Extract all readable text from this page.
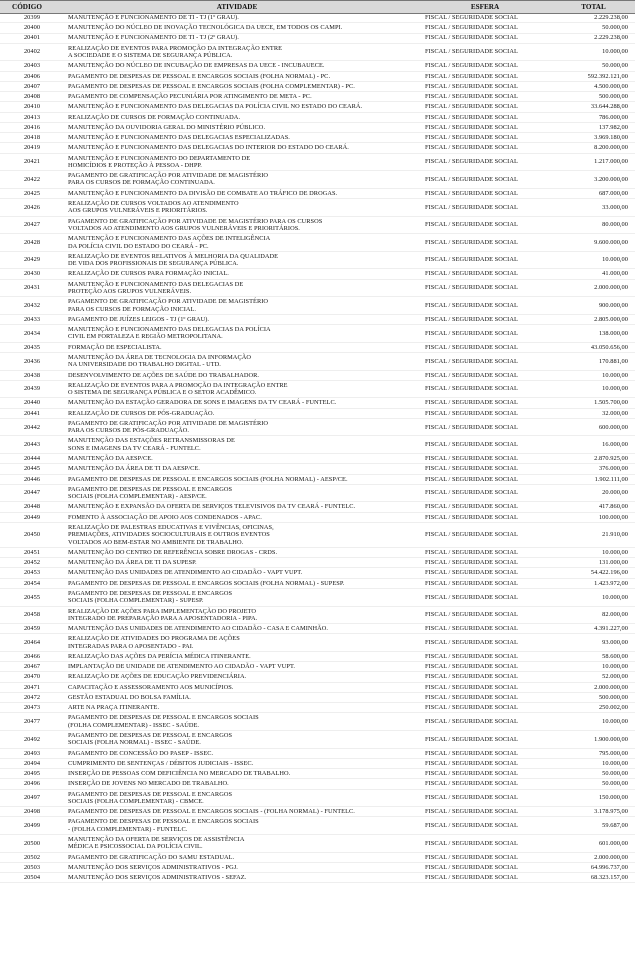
CÓDIGO	ATIVIDADE	ESFERA	TOTAL
20399	MANUTENÇÃO E FUNCIONAMENTO DE TI - TJ (1º GRAU).	FISCAL / SEGURIDADE SOCIAL	2.229.238,00
20400	MANUTENÇÃO DO NÚCLEO DE INOVAÇÃO TECNOLÓGICA DA UECE, EM TODOS OS CAMPI.	FISCAL / SEGURIDADE SOCIAL	50.000,00
20401	MANUTENÇÃO E FUNCIONAMENTO DE TI - TJ (2º GRAU).	FISCAL / SEGURIDADE SOCIAL	2.229.238,00
20402
REALIZAÇÃO DE EVENTOS PARA PROMOÇÃO DA INTEGRAÇÃO ENTRE
A SOCIEDADE E O SISTEMA DE SEGURANÇA PÚBLICA.
FISCAL / SEGURIDADE SOCIAL	10.000,00
20403	MANUTENÇÃO DO NÚCLEO DE INCUBAÇÃO DE EMPRESAS DA UECE - INCUBAUECE.	FISCAL / SEGURIDADE SOCIAL	50.000,00
20406	PAGAMENTO DE DESPESAS DE PESSOAL E ENCARGOS SOCIAIS (FOLHA NORMAL) - PC.	FISCAL / SEGURIDADE SOCIAL	592.392.121,00
20407	PAGAMENTO DE DESPESAS DE PESSOAL E ENCARGOS SOCIAIS (FOLHA COMPLEMENTAR) - PC.	FISCAL / SEGURIDADE SOCIAL	4.500.000,00
20408	PAGAMENTO DE COMPENSAÇÃO PECUNIÁRIA POR ATINGIMENTO DE META - PC.	FISCAL / SEGURIDADE SOCIAL	500.000,00
20410	MANUTENÇÃO E FUNCIONAMENTO DAS DELEGACIAS DA POLÍCIA CIVIL NO ESTADO DO CEARÁ.	FISCAL / SEGURIDADE SOCIAL	33.644.288,00
20413	REALIZAÇÃO DE CURSOS DE FORMAÇÃO CONTINUADA.	FISCAL / SEGURIDADE SOCIAL	786.000,00
20416	MANUTENÇÃO DA OUVIDORIA GERAL DO MINISTÉRIO PÚBLICO.	FISCAL / SEGURIDADE SOCIAL	137.982,00
20418	MANUTENÇÃO E FUNCIONAMENTO DAS DELEGACIAS ESPECIALIZADAS.	FISCAL / SEGURIDADE SOCIAL	3.969.180,00
20419	MANUTENÇÃO E FUNCIONAMENTO DAS DELEGACIAS DO INTERIOR DO ESTADO DO CEARÁ.	FISCAL / SEGURIDADE SOCIAL	8.200.000,00
20421
MANUTENÇÃO E FUNCIONAMENTO DO DEPARTAMENTO DE
HOMICÍDIOS E PROTEÇÃO À PESSOA - DHPP.
FISCAL / SEGURIDADE SOCIAL	1.217.000,00
20422
PAGAMENTO DE GRATIFICAÇÃO POR ATIVIDADE DE MAGISTÉRIO
PARA OS CURSOS DE FORMAÇÃO CONTINUADA.
FISCAL / SEGURIDADE SOCIAL	3.200.000,00
20425	MANUTENÇÃO E FUNCIONAMENTO DA DIVISÃO DE COMBATE AO TRÁFICO DE DROGAS.	FISCAL / SEGURIDADE SOCIAL	687.000,00
20426
REALIZAÇÃO DE CURSOS VOLTADOS AO ATENDIMENTO
AOS GRUPOS VULNERÁVEIS E PRIORITÁRIOS.
FISCAL / SEGURIDADE SOCIAL	33.000,00
20427
PAGAMENTO DE GRATIFICAÇÃO POR ATIVIDADE DE MAGISTÉRIO PARA OS CURSOS
VOLTADOS AO ATENDIMENTO AOS GRUPOS VULNERÁVEIS E PRIORITÁRIOS.
FISCAL / SEGURIDADE SOCIAL	80.000,00
20428
MANUTENÇÃO E FUNCIONAMENTO DAS AÇÕES DE INTELIGÊNCIA
DA POLÍCIA CIVIL DO ESTADO DO CEARÁ - PC.
FISCAL / SEGURIDADE SOCIAL	9.600.000,00
20429
REALIZAÇÃO DE EVENTOS RELATIVOS À MELHORIA DA QUALIDADE
DE VIDA DOS PROFISSIONAIS DE SEGURANÇA PÚBLICA.
FISCAL / SEGURIDADE SOCIAL	10.000,00
20430	REALIZAÇÃO DE CURSOS PARA FORMAÇÃO INICIAL.	FISCAL / SEGURIDADE SOCIAL	41.000,00
20431
MANUTENÇÃO E FUNCIONAMENTO DAS DELEGACIAS DE
PROTEÇÃO AOS GRUPOS VULNERÁVEIS.
FISCAL / SEGURIDADE SOCIAL	2.000.000,00
20432
PAGAMENTO DE GRATIFICAÇÃO POR ATIVIDADE DE MAGISTÉRIO
PARA OS CURSOS DE FORMAÇÃO INICIAL.
FISCAL / SEGURIDADE SOCIAL	900.000,00
20433	PAGAMENTO DE JUÍZES LEIGOS - TJ (1º GRAU).	FISCAL / SEGURIDADE SOCIAL	2.805.000,00
20434
MANUTENÇÃO E FUNCIONAMENTO DAS DELEGACIAS DA POLÍCIA
CIVIL EM FORTALEZA E REGIÃO METROPOLITANA.
FISCAL / SEGURIDADE SOCIAL	138.000,00
20435	FORMAÇÃO DE ESPECIALISTA.	FISCAL / SEGURIDADE SOCIAL	43.050.656,00
20436
MANUTENÇÃO DA ÁREA DE TECNOLOGIA DA INFORMAÇÃO
NA UNIVERSIDADE DO TRABALHO DIGITAL - UTD.
FISCAL / SEGURIDADE SOCIAL	170.881,00
20438	DESENVOLVIMENTO DE AÇÕES DE SAÚDE DO TRABALHADOR.	FISCAL / SEGURIDADE SOCIAL	10.000,00
20439
REALIZAÇÃO DE EVENTOS PARA A PROMOÇÃO DA INTEGRAÇÃO ENTRE
O SISTEMA DE SEGURANÇA PÚBLICA E O SETOR ACADÊMICO.
FISCAL / SEGURIDADE SOCIAL	10.000,00
20440	MANUTENÇÃO DA ESTAÇÃO GERADORA DE SONS E IMAGENS DA TV CEARÁ - FUNTELC.	FISCAL / SEGURIDADE SOCIAL	1.505.700,00
20441	REALIZAÇÃO DE CURSOS DE PÓS-GRADUAÇÃO.	FISCAL / SEGURIDADE SOCIAL	32.000,00
20442
PAGAMENTO DE GRATIFICAÇÃO POR ATIVIDADE DE MAGISTÉRIO
PARA OS CURSOS DE PÓS-GRADUAÇÃO.
FISCAL / SEGURIDADE SOCIAL	600.000,00
20443
MANUTENÇÃO DAS ESTAÇÕES RETRANSMISSORAS DE
SONS E IMAGENS DA TV CEARÁ - FUNTELC.
FISCAL / SEGURIDADE SOCIAL	16.000,00
20444	MANUTENÇÃO DA AESP/CE.	FISCAL / SEGURIDADE SOCIAL	2.870.925,00
20445	MANUTENÇÃO DA ÁREA DE TI DA AESP/CE.	FISCAL / SEGURIDADE SOCIAL	376.000,00
20446	PAGAMENTO DE DESPESAS DE PESSOAL E ENCARGOS SOCIAIS (FOLHA NORMAL) - AESP/CE.	FISCAL / SEGURIDADE SOCIAL	1.902.111,00
20447
PAGAMENTO DE DESPESAS DE PESSOAL E ENCARGOS
SOCIAIS (FOLHA COMPLEMENTAR) - AESP/CE.
FISCAL / SEGURIDADE SOCIAL	20.000,00
20448	MANUTENÇÃO E EXPANSÃO DA OFERTA DE SERVIÇOS TELEVISIVOS DA TV CEARÁ - FUNTELC.	FISCAL / SEGURIDADE SOCIAL	417.860,00
20449	FOMENTO À ASSOCIAÇÃO DE APOIO AOS CONDENADOS - APAC.	FISCAL / SEGURIDADE SOCIAL	100.000,00
20450
REALIZAÇÃO DE PALESTRAS EDUCATIVAS E VIVÊNCIAS, OFICINAS,
PREMIAÇÕES, ATIVIDADES SOCIOCULTURAIS E OUTROS EVENTOS
VOLTADOS AO BEM-ESTAR NO AMBIENTE DE TRABALHO.
FISCAL / SEGURIDADE SOCIAL	21.910,00
20451	MANUTENÇÃO DO CENTRO DE REFERÊNCIA SOBRE DROGAS - CRDS.	FISCAL / SEGURIDADE SOCIAL	10.000,00
20452	MANUTENÇÃO DA ÁREA DE TI DA SUPESP.	FISCAL / SEGURIDADE SOCIAL	131.000,00
20453	MANUTENÇÃO DAS UNIDADES DE ATENDIMENTO AO CIDADÃO - VAPT VUPT.	FISCAL / SEGURIDADE SOCIAL	54.422.196,00
20454	PAGAMENTO DE DESPESAS DE PESSOAL E ENCARGOS SOCIAIS (FOLHA NORMAL) - SUPESP.	FISCAL / SEGURIDADE SOCIAL	1.423.972,00
20455
PAGAMENTO DE DESPESAS DE PESSOAL E ENCARGOS
SOCIAIS (FOLHA COMPLEMENTAR) - SUPESP.
FISCAL / SEGURIDADE SOCIAL	10.000,00
20458
REALIZAÇÃO DE AÇÕES PARA IMPLEMENTAÇÃO DO PROJETO
INTEGRADO DE PREPARAÇÃO PARA A APOSENTADORIA - PIPA.
FISCAL / SEGURIDADE SOCIAL	82.000,00
20459	MANUTENÇÃO DAS UNIDADES DE ATENDIMENTO AO CIDADÃO - CASA E CAMINHÃO.	FISCAL / SEGURIDADE SOCIAL	4.391.227,00
20464
REALIZAÇÃO DE ATIVIDADES DO PROGRAMA DE AÇÕES
INTEGRADAS PARA O APOSENTADO - PAI.
FISCAL / SEGURIDADE SOCIAL	93.000,00
20466	REALIZAÇÃO DAS AÇÕES DA PERÍCIA MÉDICA ITINERANTE.	FISCAL / SEGURIDADE SOCIAL	58.600,00
20467	IMPLANTAÇÃO DE UNIDADE DE ATENDIMENTO AO CIDADÃO - VAPT VUPT.	FISCAL / SEGURIDADE SOCIAL	10.000,00
20470	REALIZAÇÃO DE AÇÕES DE EDUCAÇÃO PREVIDENCIÁRIA.	FISCAL / SEGURIDADE SOCIAL	52.000,00
20471	CAPACITAÇÃO E ASSESSORAMENTO AOS MUNICÍPIOS.	FISCAL / SEGURIDADE SOCIAL	2.000.000,00
20472	GESTÃO ESTADUAL DO BOLSA FAMÍLIA.	FISCAL / SEGURIDADE SOCIAL	500.000,00
20473	ARTE NA PRAÇA ITINERANTE.	FISCAL / SEGURIDADE SOCIAL	250.002,00
20477
PAGAMENTO DE DESPESAS DE PESSOAL E ENCARGOS SOCIAIS
(FOLHA COMPLEMENTAR) - ISSEC - SAÚDE.
FISCAL / SEGURIDADE SOCIAL	10.000,00
20492
PAGAMENTO DE DESPESAS DE PESSOAL E ENCARGOS
SOCIAIS (FOLHA NORMAL) - ISSEC - SAÚDE.
FISCAL / SEGURIDADE SOCIAL	1.900.000,00
20493	PAGAMENTO DE CONCESSÃO DO PASEP - ISSEC.	FISCAL / SEGURIDADE SOCIAL	795.000,00
20494	CUMPRIMENTO DE SENTENÇAS / DÉBITOS JUDICIAIS - ISSEC.	FISCAL / SEGURIDADE SOCIAL	10.000,00
20495	INSERÇÃO DE PESSOAS COM DEFICIÊNCIA NO MERCADO DE TRABALHO.	FISCAL / SEGURIDADE SOCIAL	50.000,00
20496	INSERÇÃO DE JOVENS NO MERCADO DE TRABALHO.	FISCAL / SEGURIDADE SOCIAL	50.000,00
20497
PAGAMENTO DE DESPESAS DE PESSOAL E ENCARGOS
SOCIAIS (FOLHA COMPLEMENTAR) - CBMCE.
FISCAL / SEGURIDADE SOCIAL	150.000,00
20498	PAGAMENTO DE DESPESAS DE PESSOAL E ENCARGOS SOCIAIS - (FOLHA NORMAL) - FUNTELC.	FISCAL / SEGURIDADE SOCIAL	3.178.975,00
20499
PAGAMENTO DE DESPESAS DE PESSOAL E ENCARGOS SOCIAIS
- (FOLHA COMPLEMENTAR) - FUNTELC.
FISCAL / SEGURIDADE SOCIAL	59.687,00
20500
MANUTENÇÃO DA OFERTA DE SERVIÇOS DE ASSISTÊNCIA
MÉDICA E PSICOSSOCIAL DA POLÍCIA CIVIL.
FISCAL / SEGURIDADE SOCIAL	601.000,00
20502	PAGAMENTO DE GRATIFICAÇÃO DO SAMU ESTADUAL.	FISCAL / SEGURIDADE SOCIAL	2.000.000,00
20503	MANUTENÇÃO DOS SERVIÇOS ADMINISTRATIVOS - PGJ.	FISCAL / SEGURIDADE SOCIAL	64.996.737,00
20504	MANUTENÇÃO DOS SERVIÇOS ADMINISTRATIVOS - SEFAZ.	FISCAL / SEGURIDADE SOCIAL	68.323.157,00
